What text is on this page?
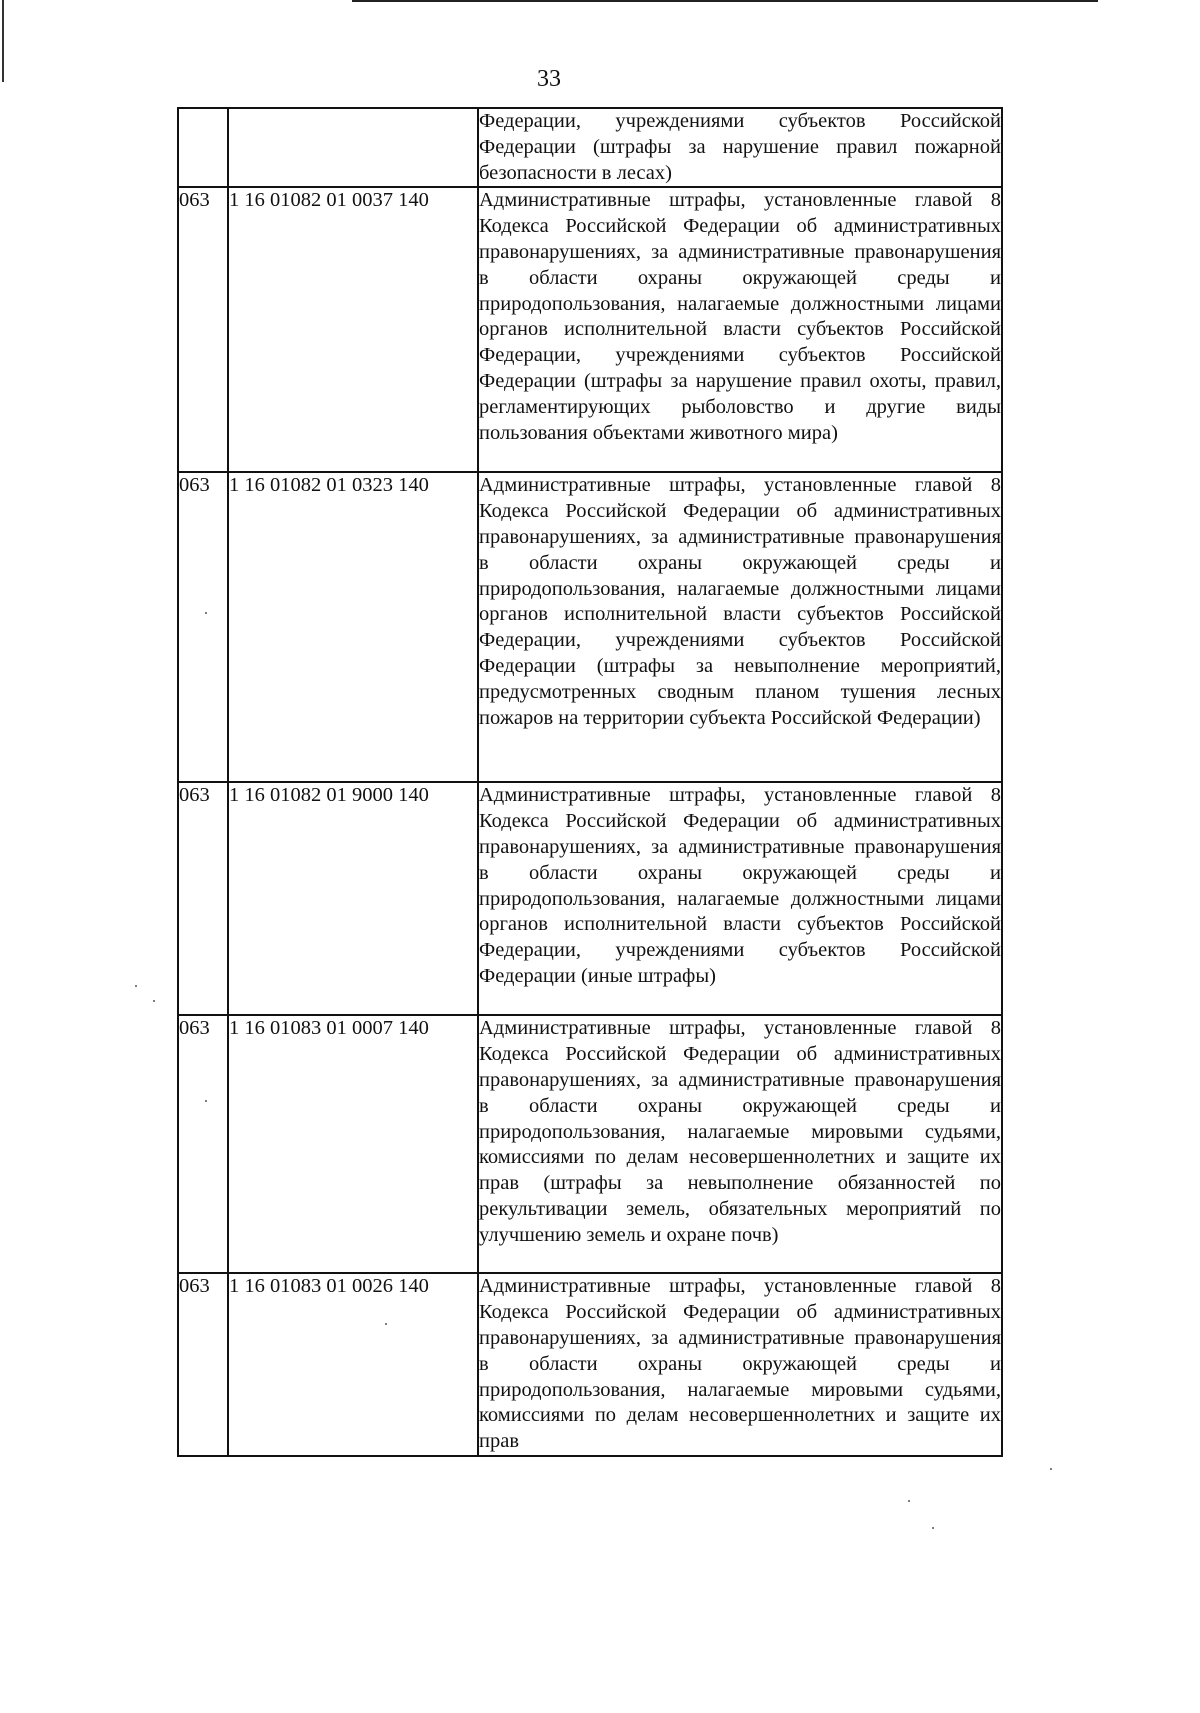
33

		Федерации, учреждениями субъектов Российской Федерации (штрафы за нарушение правил пожарной безопасности в лесах)

063	1 16 01082 01 0037 140	Административные штрафы, установленные главой 8 Кодекса Российской Федерации об административных правонарушениях, за административные правонарушения в области охраны окружающей среды и природопользования, налагаемые должностными лицами органов исполнительной власти субъектов Российской Федерации, учреждениями субъектов Российской Федерации (штрафы за нарушение правил охоты, правил, регламентирующих рыболовство и другие виды пользования объектами животного мира)

063	1 16 01082 01 0323 140	Административные штрафы, установленные главой 8 Кодекса Российской Федерации об административных правонарушениях, за административные правонарушения в области охраны окружающей среды и природопользования, налагаемые должностными лицами органов исполнительной власти субъектов Российской Федерации, учреждениями субъектов Российской Федерации (штрафы за невыполнение мероприятий, предусмотренных сводным планом тушения лесных пожаров на территории субъекта Российской Федерации)

063	1 16 01082 01 9000 140	Административные штрафы, установленные главой 8 Кодекса Российской Федерации об административных правонарушениях, за административные правонарушения в области охраны окружающей среды и природопользования, налагаемые должностными лицами органов исполнительной власти субъектов Российской Федерации, учреждениями субъектов Российской Федерации (иные штрафы)

063	1 16 01083 01 0007 140	Административные штрафы, установленные главой 8 Кодекса Российской Федерации об административных правонарушениях, за административные правонарушения в области охраны окружающей среды и природопользования, налагаемые мировыми судьями, комиссиями по делам несовершеннолетних и защите их прав (штрафы за невыполнение обязанностей по рекультивации земель, обязательных мероприятий по улучшению земель и охране почв)

063	1 16 01083 01 0026 140	Административные штрафы, установленные главой 8 Кодекса Российской Федерации об административных правонарушениях, за административные правонарушения в области охраны окружающей среды и природопользования, налагаемые мировыми судьями, комиссиями по делам несовершеннолетних и защите их прав
